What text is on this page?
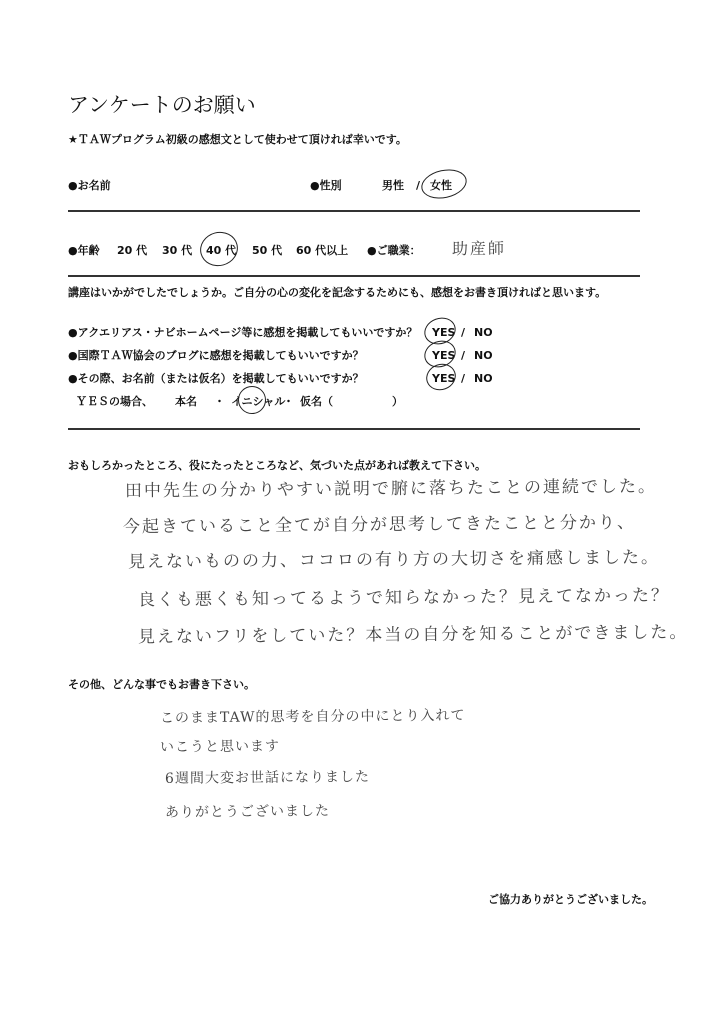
アンケートのお願い
★ＴＡＷプログラム初級の感想文として使わせて頂ければ幸いです。
●お名前	●性別	男性 / 女性
●年齢 20 代 30 代 40 代 50 代 60 代以上 ●ご職業： 助産師
講座はいかがでしたでしょうか。ご自分の心の変化を記念するためにも、感想をお書き頂ければと思います。
●アクエリアス・ナビホームページ等に感想を掲載してもいいですか？ YES / NO
●国際ＴＡＷ協会のブログに感想を掲載してもいいですか？	YES / NO
●その際、お名前（または仮名）を掲載してもいいですか？	YES / NO
ＹＥＳの場合、 本名 ・ イニシャル
・ 仮名（	）
おもしろかったところ、役にたったところなど、気づいた点があれば教えて下さい。
田中先生の分かりやすい説明で腑に落ちたことの連続でした。
今起きていること全てが自分が思考してきたことと分かり、
見えないものの力、ココロの有り方の大切さを痛感しました。
良くも悪くも知ってるようで知らなかった？見えてなかった？
見えないフリをしていた？本当の自分を知ることができました。
その他、どんな事でもお書き下さい。
このままTAW的思考を自分の中にとり入れて
いこうと思います
6週間大変お世話になりました
ありがとうございました
ご協力ありがとうございました。
